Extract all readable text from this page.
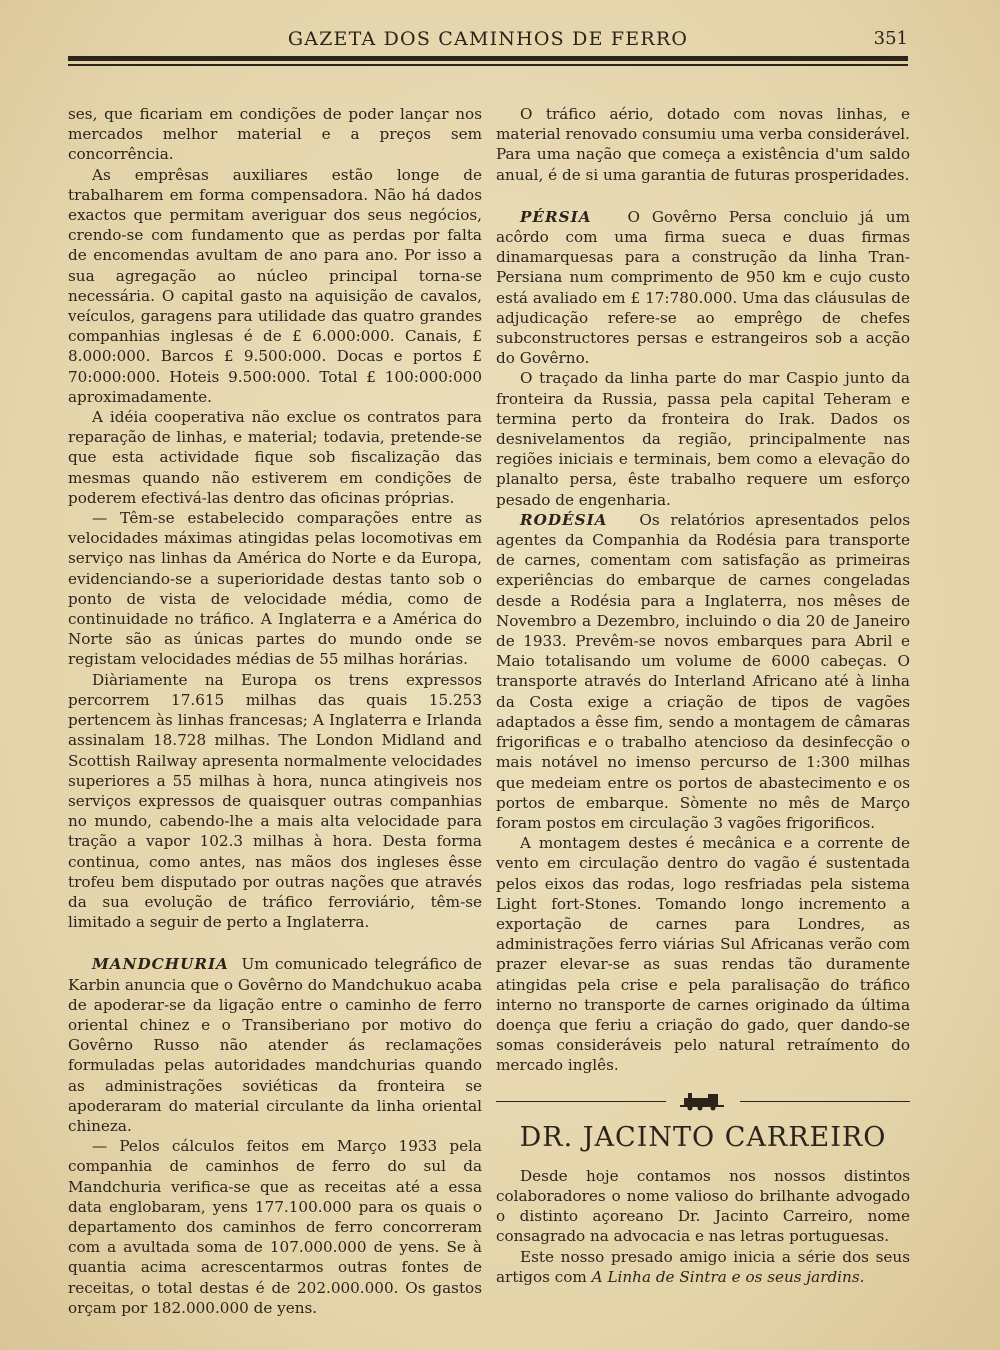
GAZETA DOS CAMINHOS DE FERRO	351

ses, que ficariam em condições de poder lançar nos mercados melhor material e a preços sem concorrência.

As emprêsas auxiliares estão longe de trabalharem em forma compensadora. Não há dados exactos que permitam averiguar dos seus negócios, crendo-se com fundamento que as perdas por falta de encomendas avultam de ano para ano. Por isso a sua agregação ao núcleo principal torna-se necessária. O capital gasto na aquisição de cavalos, veículos, garagens para utilidade das quatro grandes companhias inglesas é de £ 6.000:000. Canais, £ 8.000:000. Barcos £ 9.500:000. Docas e portos £ 70:000:000. Hoteis 9.500:000. Total £ 100:000:000 aproximadamente.

A idéia cooperativa não exclue os contratos para reparação de linhas, e material; todavia, pretende-se que esta actividade fique sob fiscalização das mesmas quando não estiverem em condições de poderem efectivá-las dentro das oficinas próprias.

— Têm-se estabelecido comparações entre as velocidades máximas atingidas pelas locomotivas em serviço nas linhas da América do Norte e da Europa, evidenciando-se a superioridade destas tanto sob o ponto de vista de velocidade média, como de continuidade no tráfico. A Inglaterra e a América do Norte são as únicas partes do mundo onde se registam velocidades médias de 55 milhas horárias.

Diàriamente na Europa os trens expressos percorrem 17.615 milhas das quais 15.253 pertencem às linhas francesas; A Inglaterra e Irlanda assinalam 18.728 milhas. The London Midland and Scottish Railway apresenta normalmente velocidades superiores a 55 milhas à hora, nunca atingiveis nos serviços expressos de quaisquer outras companhias no mundo, cabendo-lhe a mais alta velocidade para tração a vapor 102.3 milhas à hora. Desta forma continua, como antes, nas mãos dos ingleses êsse trofeu bem disputado por outras nações que através da sua evolução de tráfico ferroviário, têm-se limitado a seguir de perto a Inglaterra.

MANDCHURIA Um comunicado telegráfico de Karbin anuncia que o Govêrno do Mandchukuo acaba de apoderar-se da ligação entre o caminho de ferro oriental chinez e o Transiberiano por motivo do Govêrno Russo não atender ás reclamações formuladas pelas autoridades mandchurias quando as administrações soviéticas da fronteira se apoderaram do material circulante da linha oriental chineza.

— Pelos cálculos feitos em Março 1933 pela companhia de caminhos de ferro do sul da Mandchuria verifica-se que as receitas até a essa data englobaram, yens 177.100.000 para os quais o departamento dos caminhos de ferro concorreram com a avultada soma de 107.000.000 de yens. Se à quantia acima acrescentarmos outras fontes de receitas, o total destas é de 202.000.000. Os gastos orçam por 182.000.000 de yens.

O tráfico aério, dotado com novas linhas, e material renovado consumiu uma verba considerável. Para uma nação que começa a existência d'um saldo anual, é de si uma garantia de futuras prosperidades.

PÉRSIA O Govêrno Persa concluio já um acôrdo com uma firma sueca e duas firmas dinamarquesas para a construção da linha Tran-Persiana num comprimento de 950 km e cujo custo está avaliado em £ 17:780.000. Uma das cláusulas de adjudicação refere-se ao emprêgo de chefes subconstructores persas e estrangeiros sob a acção do Govêrno.

O traçado da linha parte do mar Caspio junto da fronteira da Russia, passa pela capital Teheram e termina perto da fronteira do Irak. Dados os desnivelamentos da região, principalmente nas regiões iniciais e terminais, bem como a elevação do planalto persa, êste trabalho requere um esforço pesado de engenharia.

RODÉSIA Os relatórios apresentados pelos agentes da Companhia da Rodésia para transporte de carnes, comentam com satisfação as primeiras experiências do embarque de carnes congeladas desde a Rodésia para a Inglaterra, nos mêses de Novembro a Dezembro, incluindo o dia 20 de Janeiro de 1933. Prevêm-se novos embarques para Abril e Maio totalisando um volume de 6000 cabeças. O transporte através do Interland Africano até à linha da Costa exige a criação de tipos de vagões adaptados a êsse fim, sendo a montagem de câmaras frigorificas e o trabalho atencioso da desinfecção o mais notável no imenso percurso de 1:300 milhas que medeiam entre os portos de abastecimento e os portos de embarque. Sòmente no mês de Março foram postos em circulação 3 vagões frigorificos.

A montagem destes é mecânica e a corrente de vento em circulação dentro do vagão é sustentada pelos eixos das rodas, logo resfriadas pela sistema Light fort-Stones. Tomando longo incremento a exportação de carnes para Londres, as administrações ferro viárias Sul Africanas verão com prazer elevar-se as suas rendas tão duramente atingidas pela crise e pela paralisação do tráfico interno no transporte de carnes originado da última doença que feriu a criação do gado, quer dando-se somas consideráveis pelo natural retraímento do mercado inglês.

DR. JACINTO CARREIRO

Desde hoje contamos nos nossos distintos colaboradores o nome valioso do brilhante advogado o distinto açoreano Dr. Jacinto Carreiro, nome consagrado na advocacia e nas letras portuguesas.

Este nosso presado amigo inicia a série dos seus artigos com A Linha de Sintra e os seus jardins.
